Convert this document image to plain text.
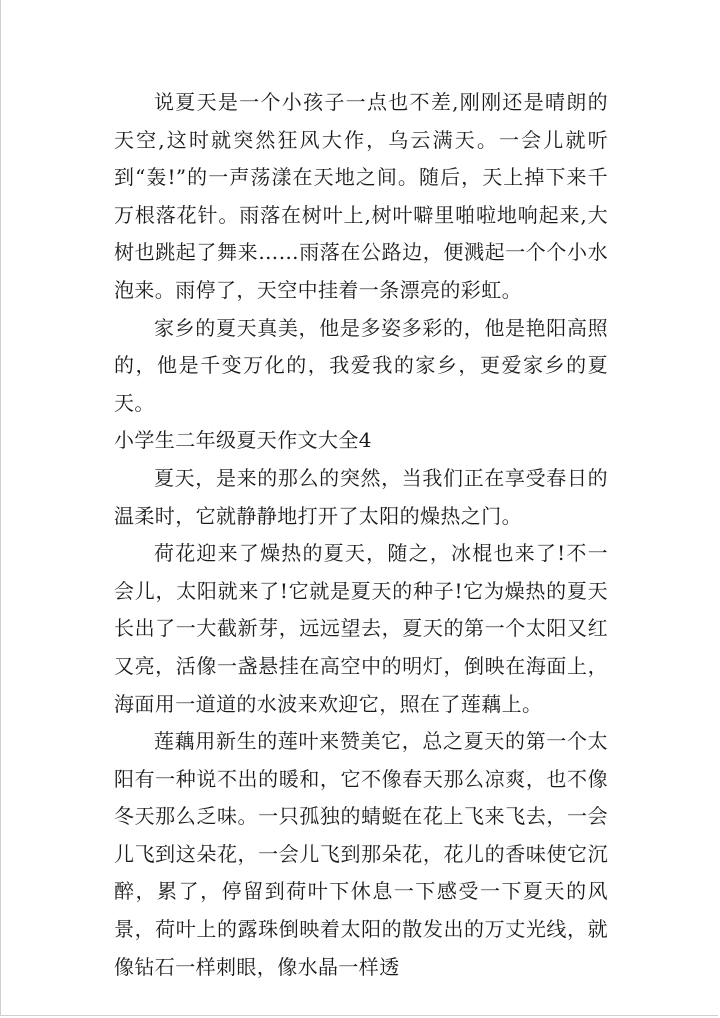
说夏天是一个小孩子一点也不差,刚刚还是晴朗的天空,这时就突然狂风大作，乌云满天。一会儿就听到“轰!”的一声荡漾在天地之间。随后，天上掉下来千万根落花针。雨落在树叶上,树叶噼里啪啦地响起来,大树也跳起了舞来……雨落在公路边，便溅起一个个小水泡来。雨停了，天空中挂着一条漂亮的彩虹。

家乡的夏天真美，他是多姿多彩的，他是艳阳高照的，他是千变万化的，我爱我的家乡，更爱家乡的夏天。

小学生二年级夏天作文大全4

夏天，是来的那么的突然，当我们正在享受春日的温柔时，它就静静地打开了太阳的燥热之门。

荷花迎来了燥热的夏天，随之，冰棍也来了!不一会儿，太阳就来了!它就是夏天的种子!它为燥热的夏天长出了一大截新芽，远远望去，夏天的第一个太阳又红又亮，活像一盏悬挂在高空中的明灯，倒映在海面上，海面用一道道的水波来欢迎它，照在了莲藕上。

莲藕用新生的莲叶来赞美它，总之夏天的第一个太阳有一种说不出的暖和，它不像春天那么凉爽，也不像冬天那么乏味。一只孤独的蜻蜓在花上飞来飞去，一会儿飞到这朵花，一会儿飞到那朵花，花儿的香味使它沉醉，累了，停留到荷叶下休息一下感受一下夏天的风景，荷叶上的露珠倒映着太阳的散发出的万丈光线，就像钻石一样刺眼，像水晶一样透
